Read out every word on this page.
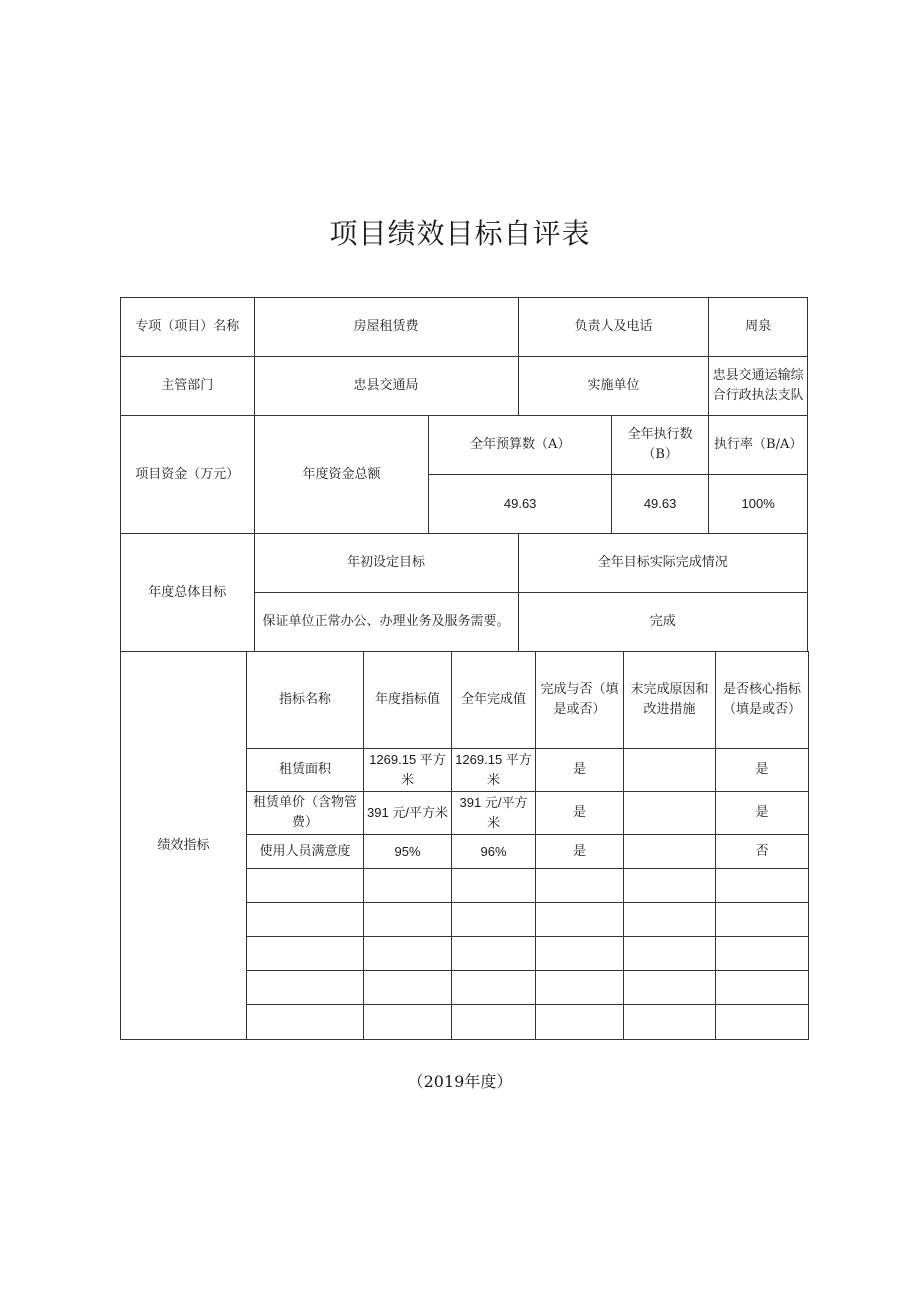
项目绩效目标自评表
专项（项目）名称	房屋租赁费	负责人及电话	周泉
主管部门	忠县交通局	实施单位	忠县交通运输综合行政执法支队
项目资金（万元）	年度资金总额	全年预算数（A）		全年执行数（B）	执行率（B/A）
		49.63		49.63	100%
年度总体目标	年初设定目标		全年目标实际完成情况		
	保证单位正常办公、办理业务及服务需要。		完成		
绩效指标	指标名称	年度指标值	全年完成值	完成与否（填是或否）	末完成原因和改进措施	是否核心指标（填是或否）
	租赁面积	1269.15 平方米	1269.15 平方米	是		是
	租赁单价（含物管费）	391 元/平方米	391 元/平方米	是		是
	使用人员满意度	95%	96%	是		否

（2019年度）
